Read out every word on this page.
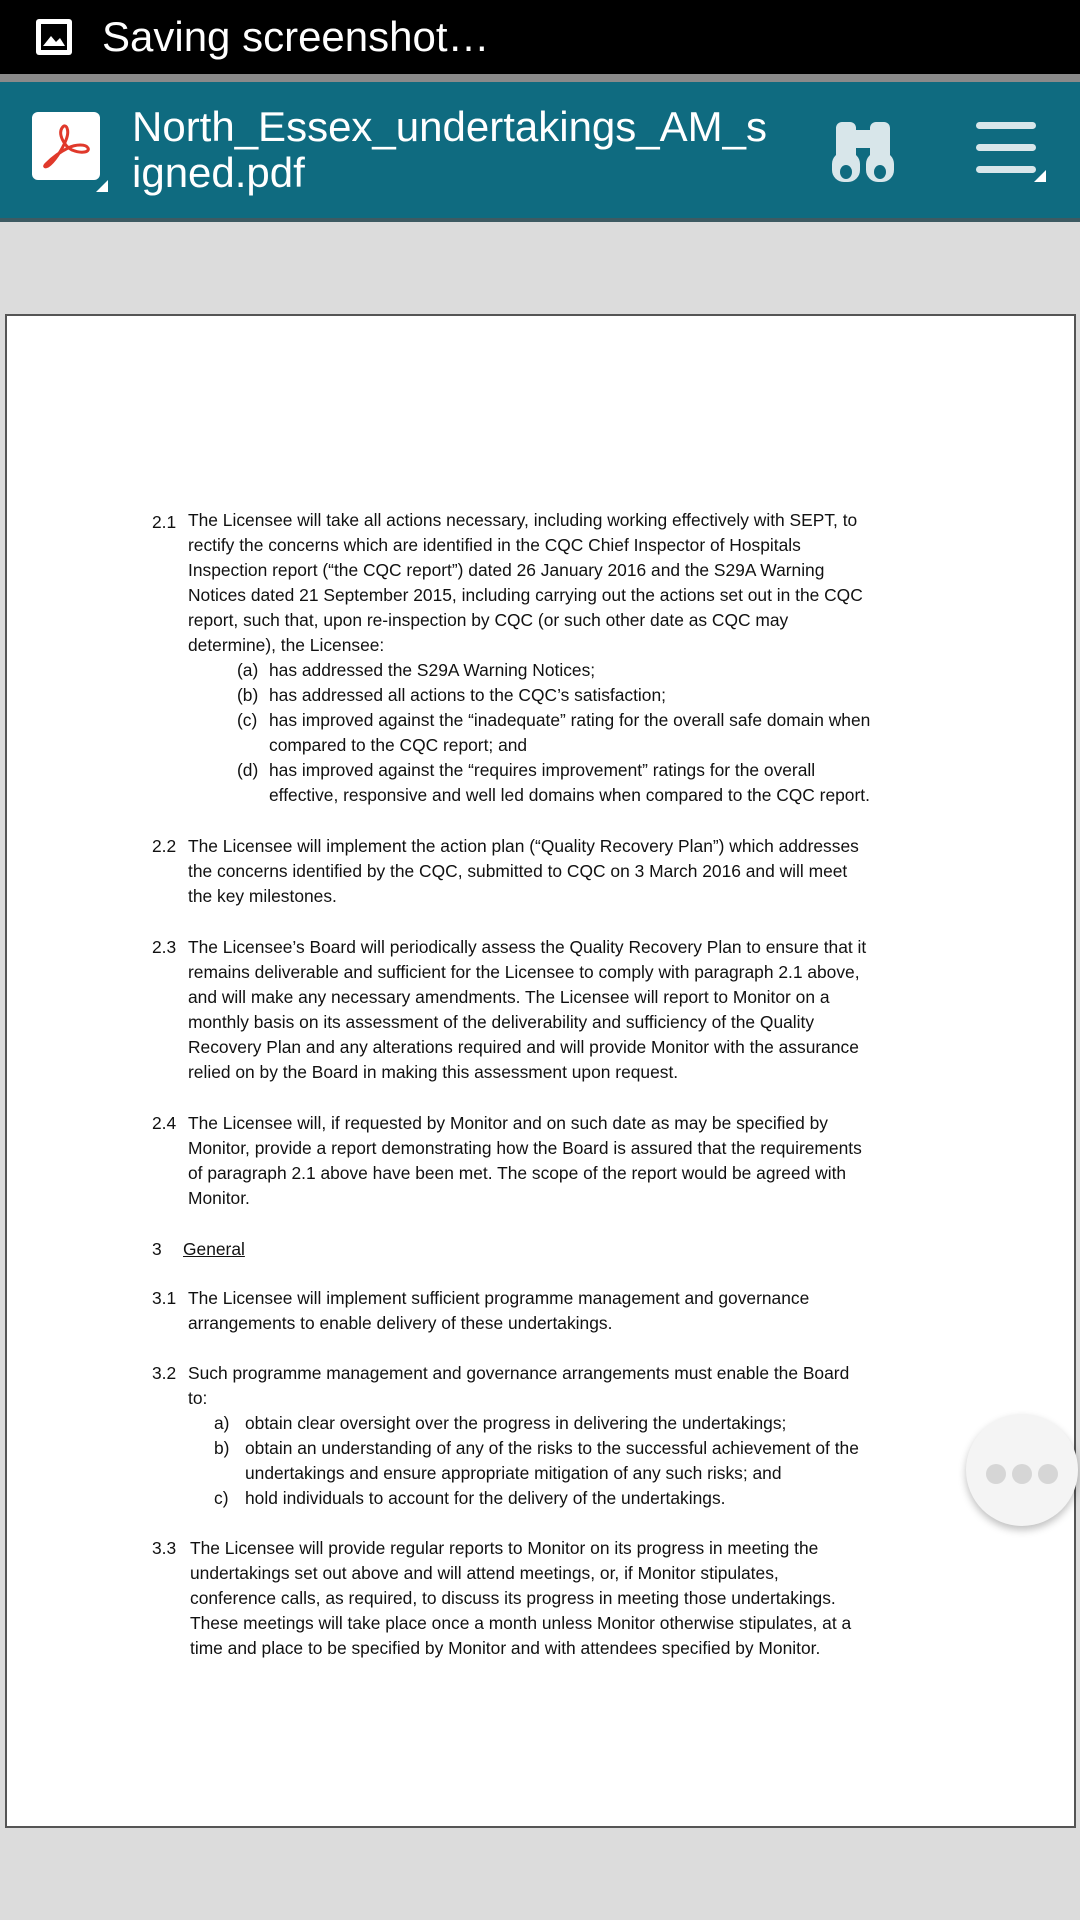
Saving screenshot…
North_Essex_undertakings_AM_signed.pdf
2.1 The Licensee will take all actions necessary, including working effectively with SEPT, to
rectify the concerns which are identified in the CQC Chief Inspector of Hospitals
Inspection report (“the CQC report”) dated 26 January 2016 and the S29A Warning
Notices dated 21 September 2015, including carrying out the actions set out in the CQC
report, such that, upon re-inspection by CQC (or such other date as CQC may
determine), the Licensee:
(a) has addressed the S29A Warning Notices;
(b) has addressed all actions to the CQC’s satisfaction;
(c) has improved against the “inadequate” rating for the overall safe domain when
compared to the CQC report; and
(d) has improved against the “requires improvement” ratings for the overall
effective, responsive and well led domains when compared to the CQC report.
2.2 The Licensee will implement the action plan (“Quality Recovery Plan”) which addresses
the concerns identified by the CQC, submitted to CQC on 3 March 2016 and will meet
the key milestones.
2.3 The Licensee’s Board will periodically assess the Quality Recovery Plan to ensure that it
remains deliverable and sufficient for the Licensee to comply with paragraph 2.1 above,
and will make any necessary amendments. The Licensee will report to Monitor on a
monthly basis on its assessment of the deliverability and sufficiency of the Quality
Recovery Plan and any alterations required and will provide Monitor with the assurance
relied on by the Board in making this assessment upon request.
2.4 The Licensee will, if requested by Monitor and on such date as may be specified by
Monitor, provide a report demonstrating how the Board is assured that the requirements
of paragraph 2.1 above have been met. The scope of the report would be agreed with
Monitor.
3 General
3.1 The Licensee will implement sufficient programme management and governance
arrangements to enable delivery of these undertakings.
3.2 Such programme management and governance arrangements must enable the Board
to:
a) obtain clear oversight over the progress in delivering the undertakings;
b) obtain an understanding of any of the risks to the successful achievement of the
undertakings and ensure appropriate mitigation of any such risks; and
c) hold individuals to account for the delivery of the undertakings.
3.3 The Licensee will provide regular reports to Monitor on its progress in meeting the
undertakings set out above and will attend meetings, or, if Monitor stipulates,
conference calls, as required, to discuss its progress in meeting those undertakings.
These meetings will take place once a month unless Monitor otherwise stipulates, at a
time and place to be specified by Monitor and with attendees specified by Monitor.
